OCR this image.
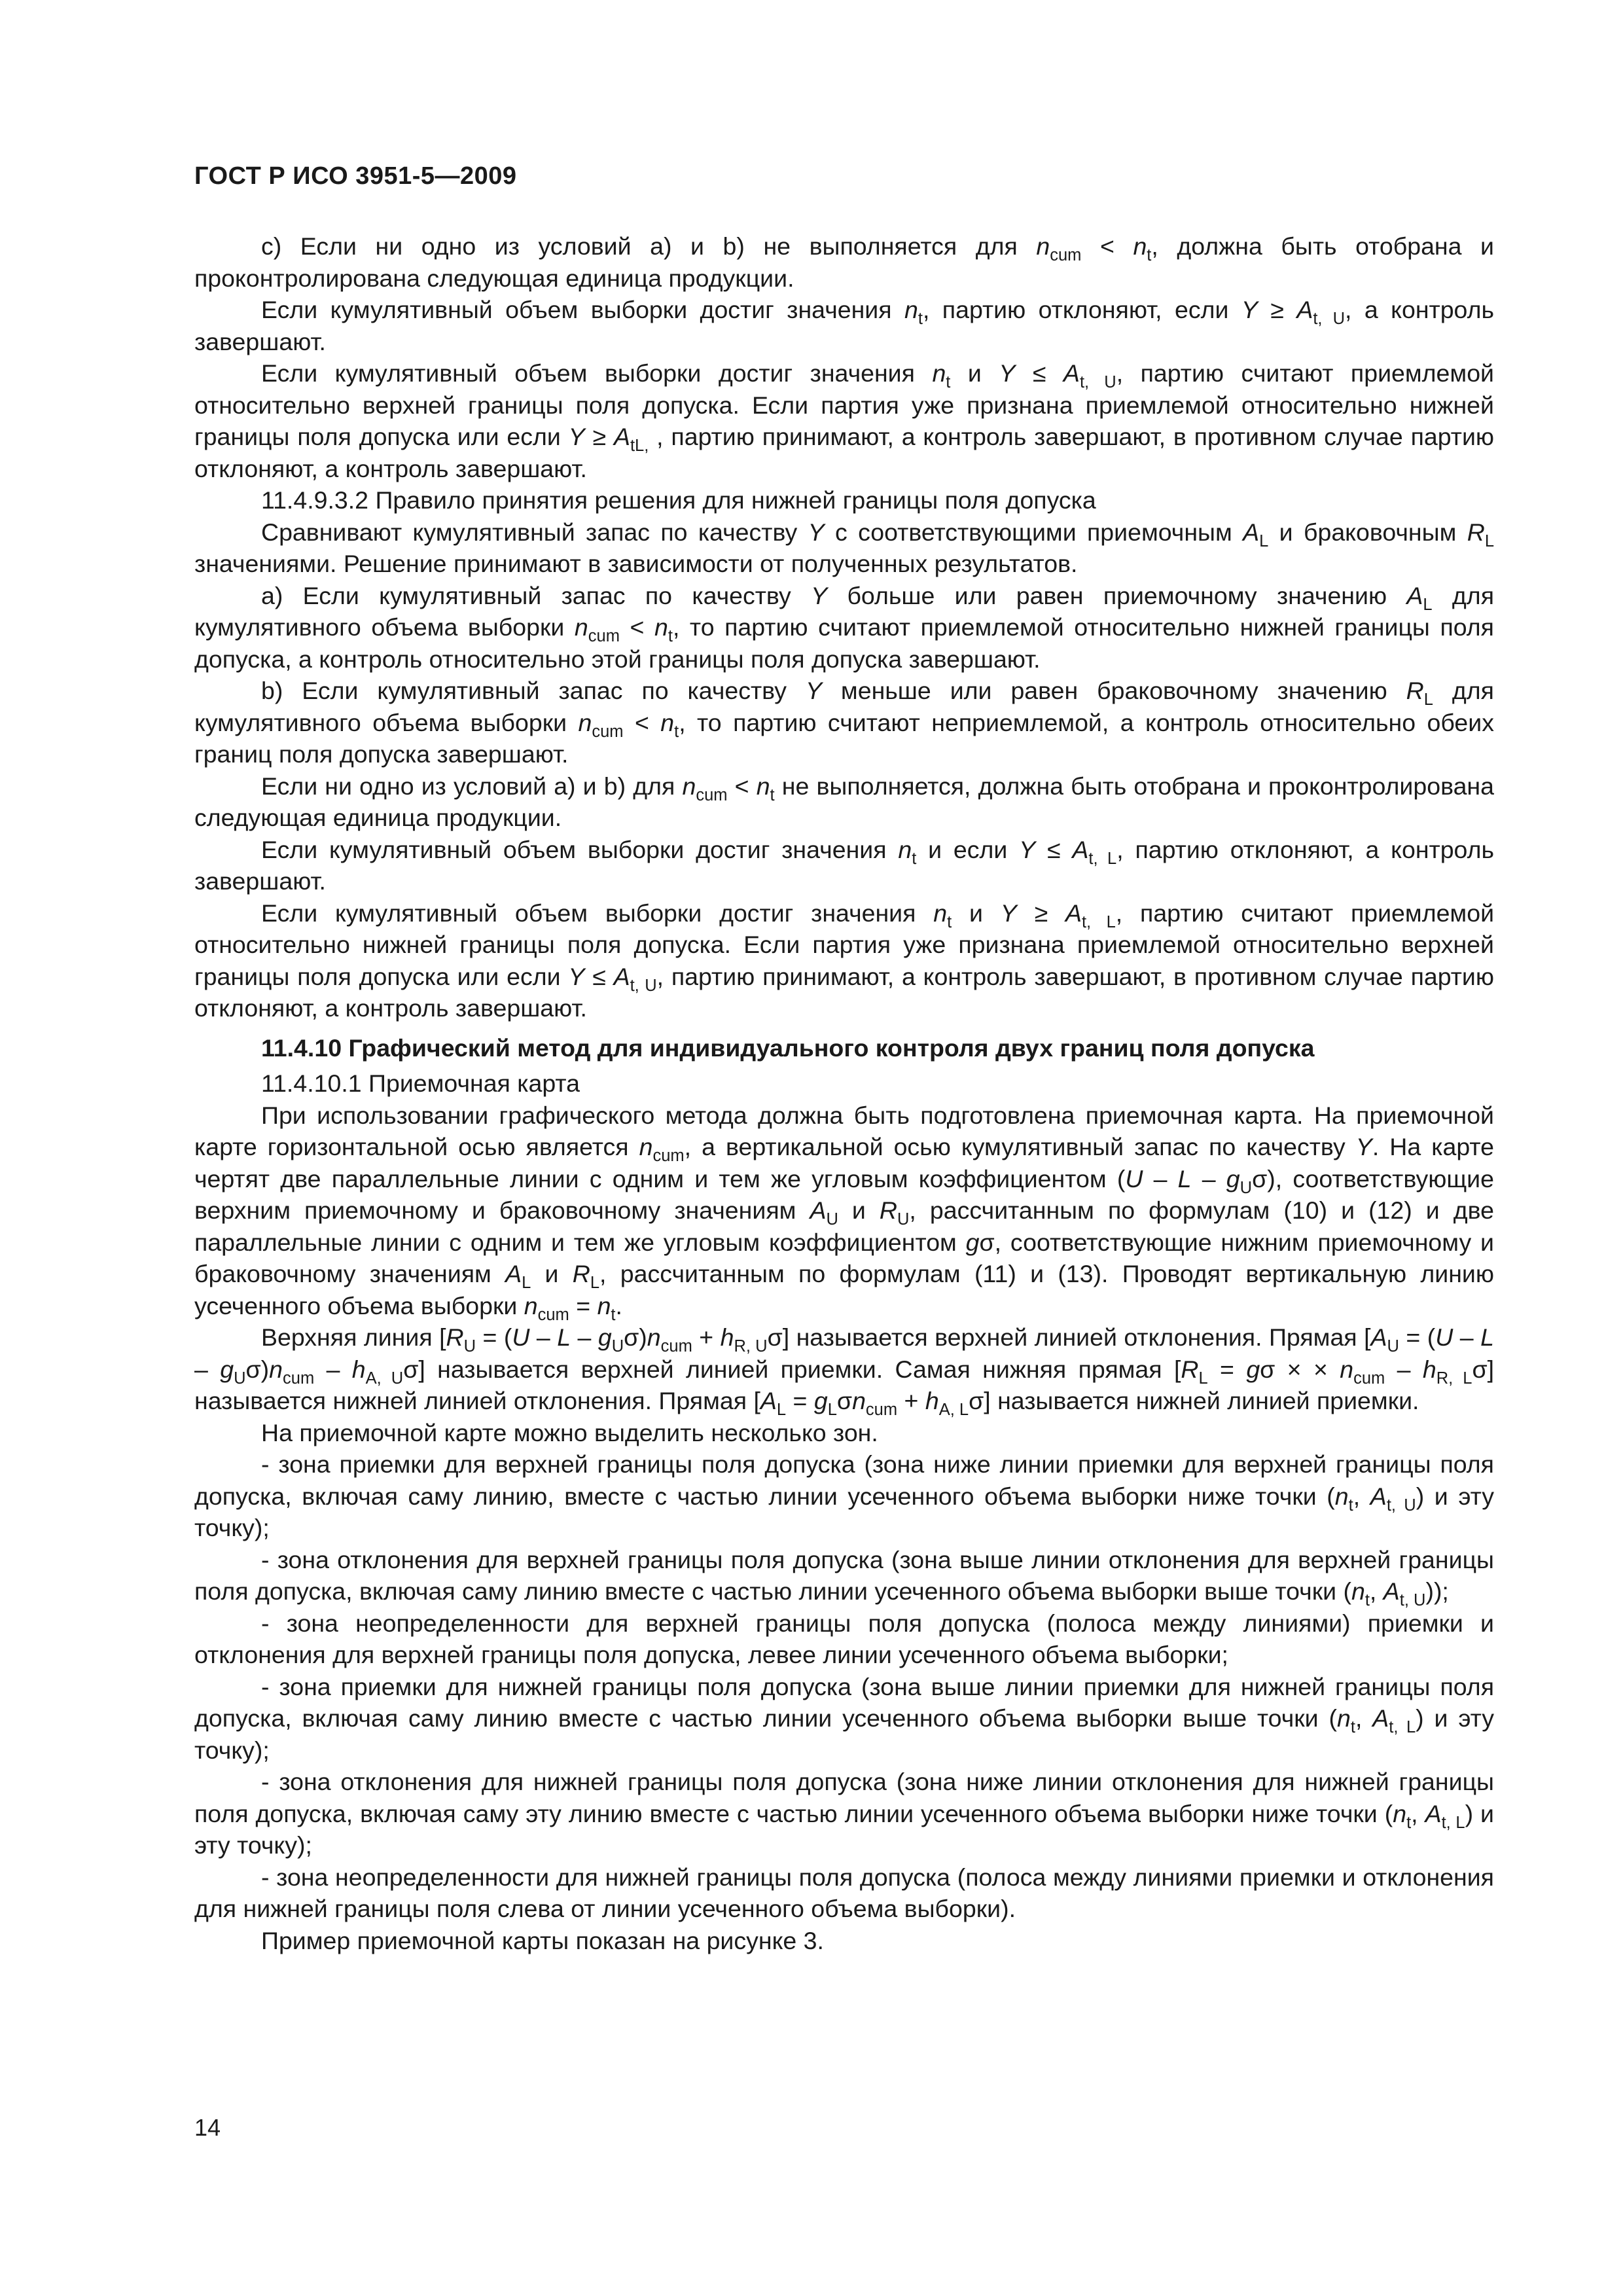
ГОСТ Р ИСО 3951-5—2009

с) Если ни одно из условий а) и b) не выполняется для $n_{cum} < n_t$, должна быть отобрана и проконтролирована следующая единица продукции.

Если кумулятивный объем выборки достиг значения $n_t$, партию отклоняют, если $Y \ge A_{t, U}$, а контроль завершают.

Если кумулятивный объем выборки достиг значения $n_t$ и $Y \le A_{t, U}$, партию считают приемлемой относительно верхней границы поля допуска. Если партия уже признана приемлемой относительно нижней границы поля допуска или если $Y \ge A_{tL,}$ , партию принимают, а контроль завершают, в противном случае партию отклоняют, а контроль завершают.

11.4.9.3.2 Правило принятия решения для нижней границы поля допуска

Сравнивают кумулятивный запас по качеству Y с соответствующими приемочным $A_L$ и браковочным $R_L$ значениями. Решение принимают в зависимости от полученных результатов.

а) Если кумулятивный запас по качеству Y больше или равен приемочному значению $A_L$ для кумулятивного объема выборки $n_{cum} < n_t$, то партию считают приемлемой относительно нижней границы поля допуска, а контроль относительно этой границы поля допуска завершают.

b) Если кумулятивный запас по качеству Y меньше или равен браковочному значению $R_L$ для кумулятивного объема выборки $n_{cum} < n_t$, то партию считают неприемлемой, а контроль относительно обеих границ поля допуска завершают.

Если ни одно из условий а) и b) для $n_{cum} < n_t$ не выполняется, должна быть отобрана и проконтролирована следующая единица продукции.

Если кумулятивный объем выборки достиг значения $n_t$ и если $Y \le A_{t, L}$, партию отклоняют, а контроль завершают.

Если кумулятивный объем выборки достиг значения $n_t$ и $Y \ge A_{t, L}$, партию считают приемлемой относительно нижней границы поля допуска. Если партия уже признана приемлемой относительно верхней границы поля допуска или если $Y \le A_{t, U}$, партию принимают, а контроль завершают, в противном случае партию отклоняют, а контроль завершают.

11.4.10 Графический метод для индивидуального контроля двух границ поля допуска

11.4.10.1 Приемочная карта

При использовании графического метода должна быть подготовлена приемочная карта. На приемочной карте горизонтальной осью является $n_{cum}$, а вертикальной осью кумулятивный запас по качеству Y. На карте чертят две параллельные линии с одним и тем же угловым коэффициентом (U – L – $g_U\sigma$), соответствующие верхним приемочному и браковочному значениям $A_U$ и $R_U$, рассчитанным по формулам (10) и (12) и две параллельные линии с одним и тем же угловым коэффициентом gσ, соответствующие нижним приемочному и браковочному значениям $A_L$ и $R_L$, рассчитанным по формулам (11) и (13). Проводят вертикальную линию усеченного объема выборки $n_{cum} = n_t$.

Верхняя линия $[R_U = (U - L - g_U\sigma)n_{cum} + h_{R, U}\sigma]$ называется верхней линией отклонения. Прямая $[A_U = (U - L - g_U\sigma)n_{cum} - h_{A, U}\sigma]$ называется верхней линией приемки. Самая нижняя прямая [$R_L = g\sigma$ × × $n_{cum} - h_{R, L}\sigma$] называется нижней линией отклонения. Прямая $[A_L = g_L\sigma n_{cum} + h_{A, L}\sigma]$ называется нижней линией приемки.

На приемочной карте можно выделить несколько зон.

- зона приемки для верхней границы поля допуска (зона ниже линии приемки для верхней границы поля допуска, включая саму линию, вместе с частью линии усеченного объема выборки ниже точки ($n_t$, $A_{t, U}$) и эту точку);

- зона отклонения для верхней границы поля допуска (зона выше линии отклонения для верхней границы поля допуска, включая саму линию вместе с частью линии усеченного объема выборки выше точки ($n_t$, $A_{t, U}$));

- зона неопределенности для верхней границы поля допуска (полоса между линиями) приемки и отклонения для верхней границы поля допуска, левее линии усеченного объема выборки;

- зона приемки для нижней границы поля допуска (зона выше линии приемки для нижней границы поля допуска, включая саму линию вместе с частью линии усеченного объема выборки выше точки ($n_t$, $A_{t, L}$) и эту точку);

- зона отклонения для нижней границы поля допуска (зона ниже линии отклонения для нижней границы поля допуска, включая саму эту линию вместе с частью линии усеченного объема выборки ниже точки ($n_t$, $A_{t, L}$) и эту точку);

- зона неопределенности для нижней границы поля допуска (полоса между линиями приемки и отклонения для нижней границы поля слева от линии усеченного объема выборки).

Пример приемочной карты показан на рисунке 3.

14
